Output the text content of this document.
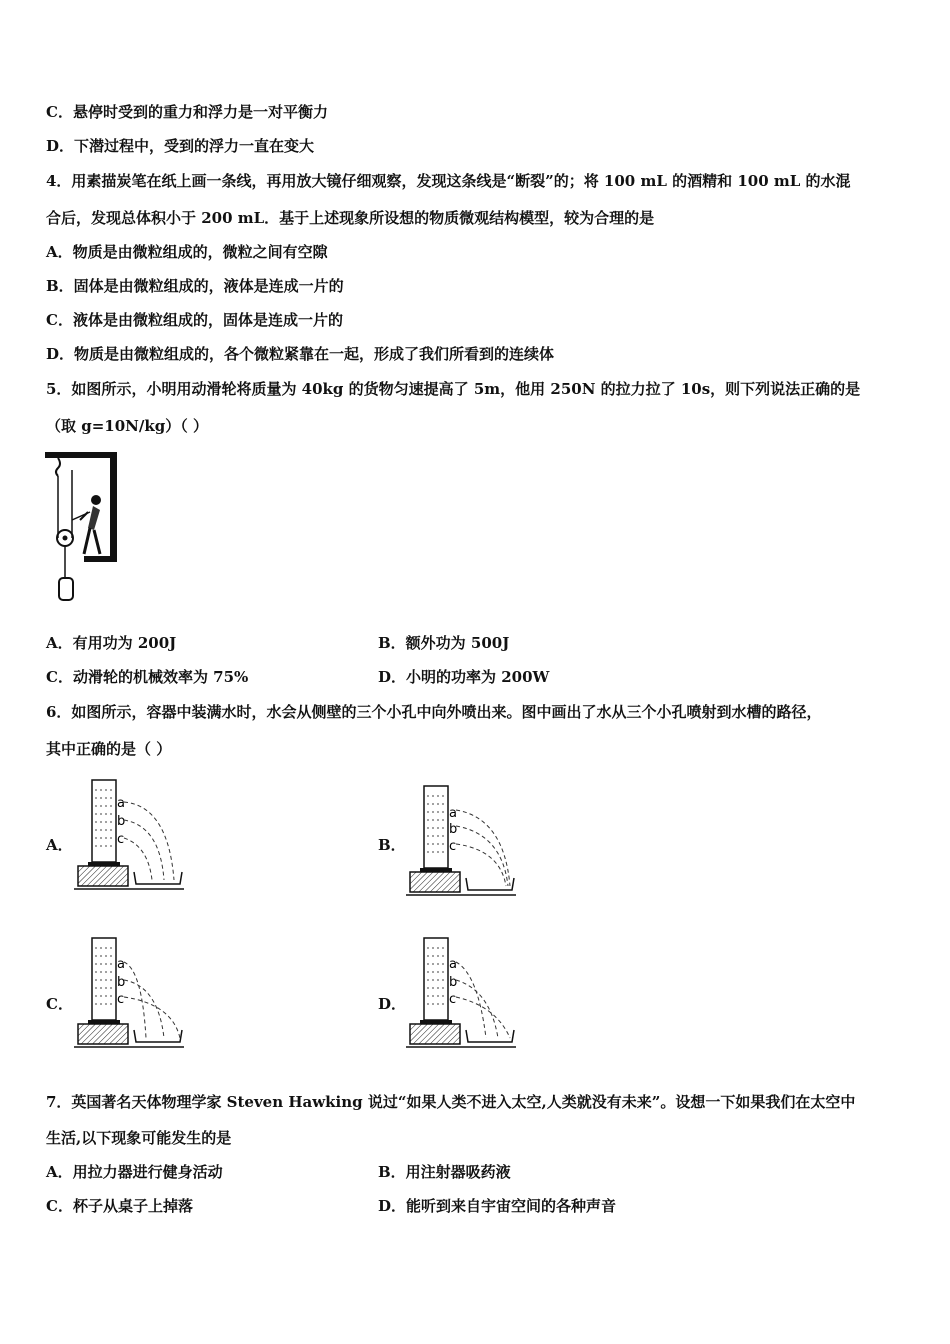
C．悬停时受到的重力和浮力是一对平衡力
D．下潜过程中，受到的浮力一直在变大
4．用素描炭笔在纸上画一条线，再用放大镜仔细观察，发现这条线是“断裂”的；将 100 mL 的酒精和 100 mL 的水混
合后，发现总体积小于 200 mL．基于上述现象所设想的物质微观结构模型，较为合理的是
A．物质是由微粒组成的，微粒之间有空隙
B．固体是由微粒组成的，液体是连成一片的
C．液体是由微粒组成的，固体是连成一片的
D．物质是由微粒组成的，各个微粒紧靠在一起，形成了我们所看到的连续体
5．如图所示，小明用动滑轮将质量为 40kg 的货物匀速提高了 5m，他用 250N 的拉力拉了 10s，则下列说法正确的是
（取 g=10N/kg）（ ）
A．有用功为 200J	B．额外功为 500J
C．动滑轮的机械效率为 75%	D．小明的功率为 200W
6．如图所示，容器中装满水时，水会从侧壁的三个小孔中向外喷出来。图中画出了水从三个小孔喷射到水槽的路径，
其中正确的是（ ）
A．	B．
C．	D．
a
b
c
a
b
c
a
b
c
a
b
c
7．英国著名天体物理学家 Steven Hawking 说过“如果人类不进入太空,人类就没有未来”。设想一下如果我们在太空中
生活,以下现象可能发生的是
A．用拉力器进行健身活动	B．用注射器吸药液
C．杯子从桌子上掉落	D．能听到来自宇宙空间的各种声音
